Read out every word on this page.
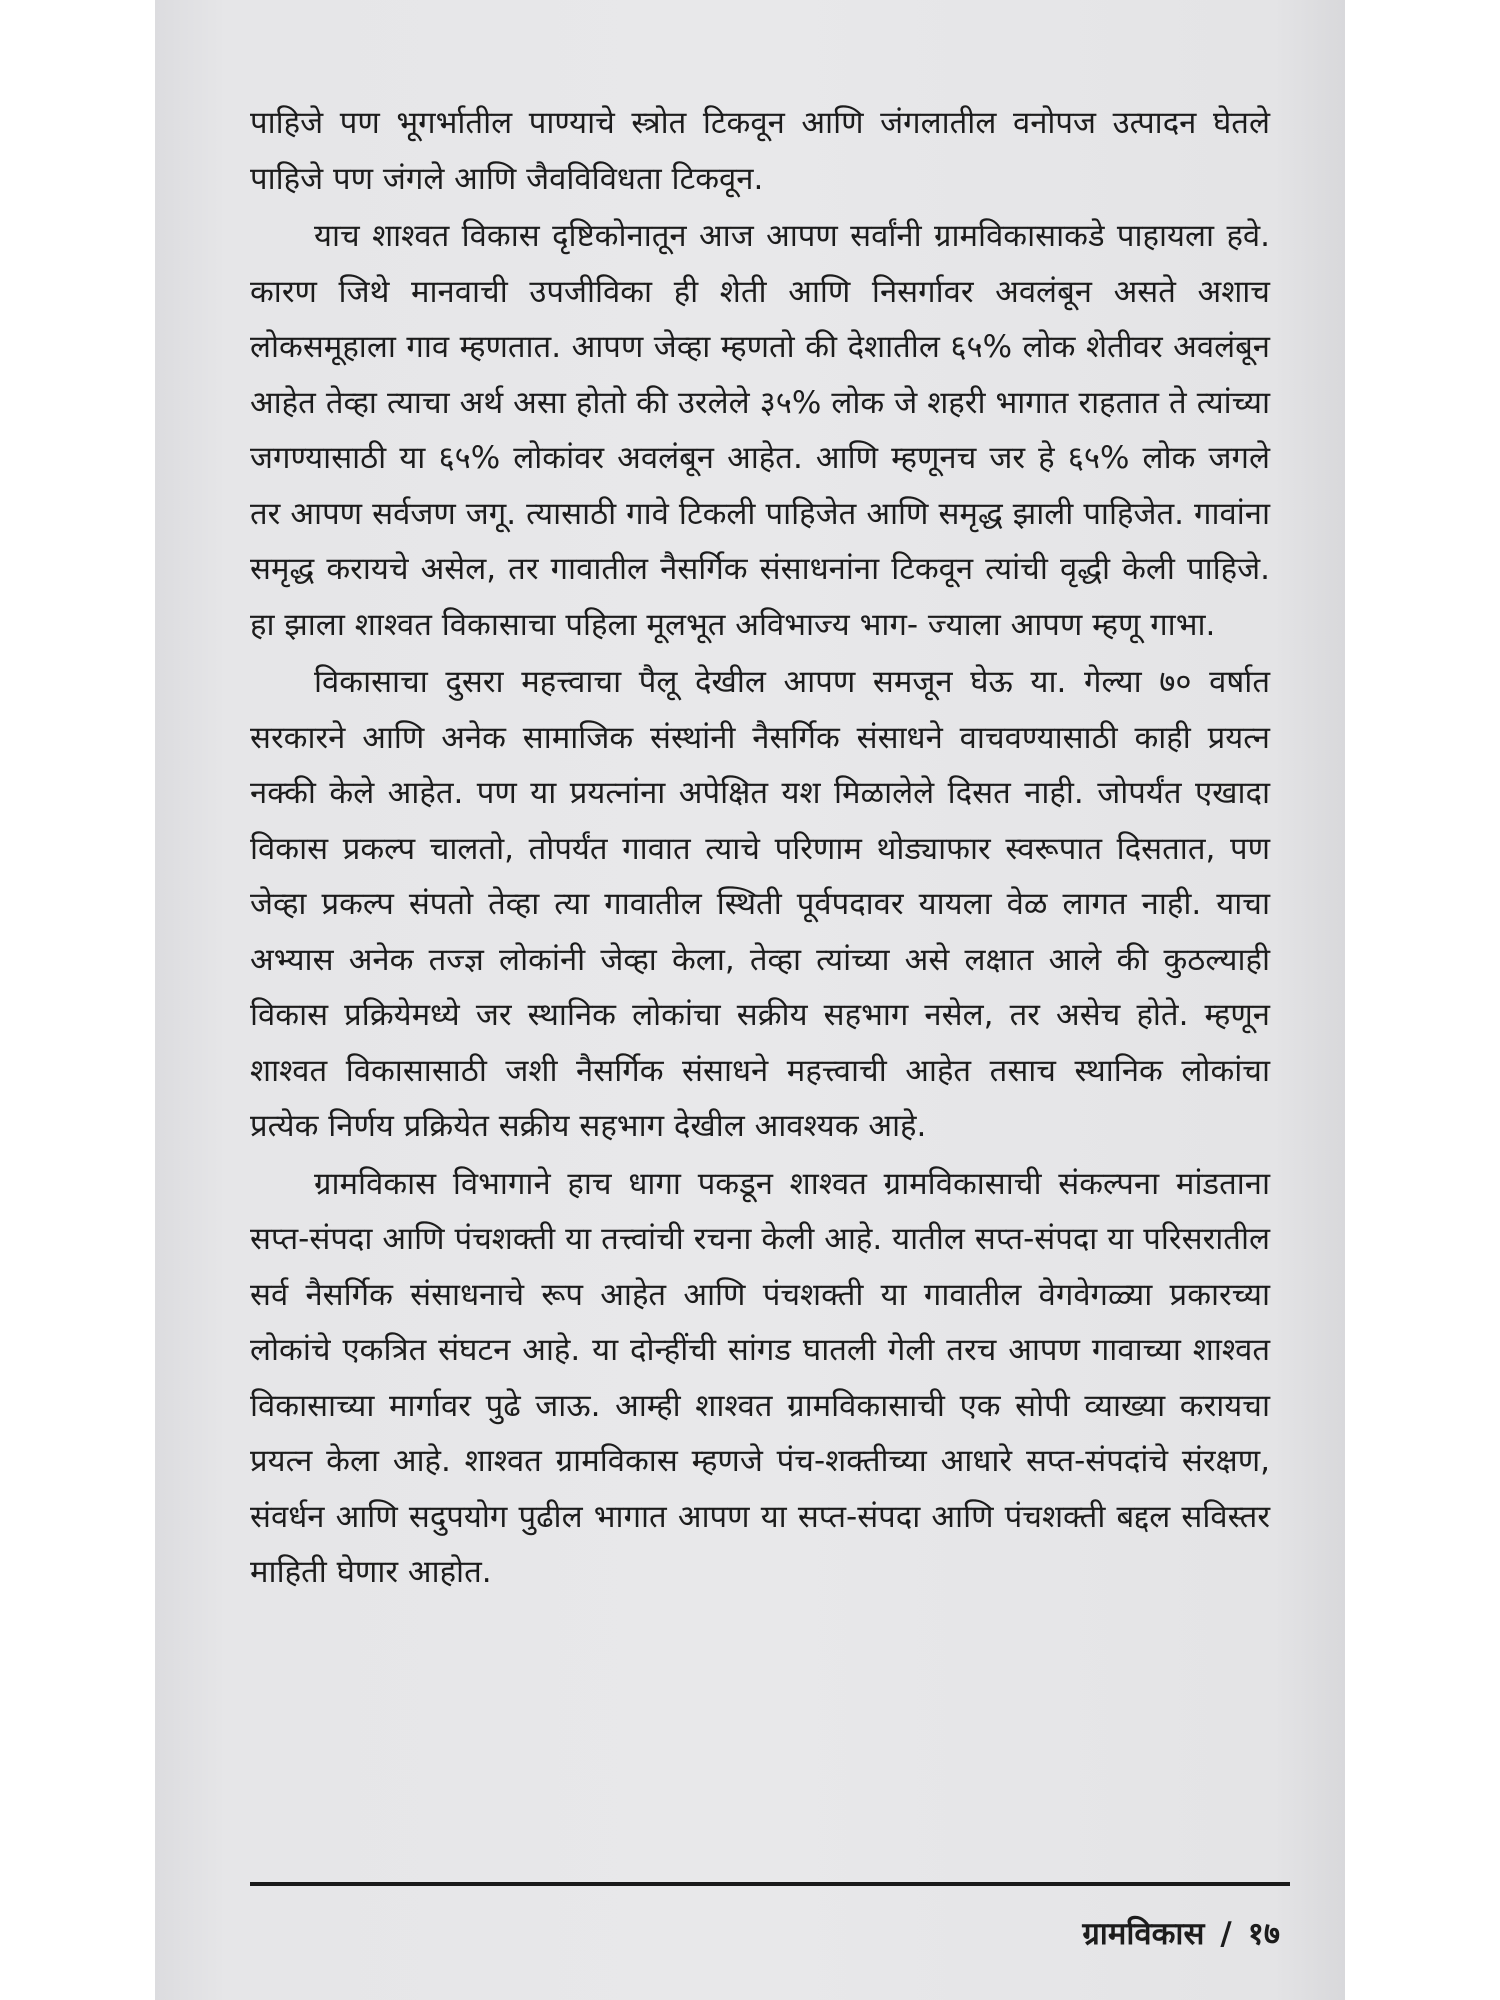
पाहिजे पण भूगर्भातील पाण्याचे स्त्रोत टिकवून आणि जंगलातील वनोपज उत्पादन घेतले पाहिजे पण जंगले आणि जैवविविधता टिकवून.

याच शाश्वत विकास दृष्टिकोनातून आज आपण सर्वांनी ग्रामविकासाकडे पाहायला हवे. कारण जिथे मानवाची उपजीविका ही शेती आणि निसर्गावर अवलंबून असते अशाच लोकसमूहाला गाव म्हणतात. आपण जेव्हा म्हणतो की देशातील ६५% लोक शेतीवर अवलंबून आहेत तेव्हा त्याचा अर्थ असा होतो की उरलेले ३५% लोक जे शहरी भागात राहतात ते त्यांच्या जगण्यासाठी या ६५% लोकांवर अवलंबून आहेत. आणि म्हणूनच जर हे ६५% लोक जगले तर आपण सर्वजण जगू. त्यासाठी गावे टिकली पाहिजेत आणि समृद्ध झाली पाहिजेत. गावांना समृद्ध करायचे असेल, तर गावातील नैसर्गिक संसाधनांना टिकवून त्यांची वृद्धी केली पाहिजे. हा झाला शाश्वत विकासाचा पहिला मूलभूत अविभाज्य भाग- ज्याला आपण म्हणू गाभा.

विकासाचा दुसरा महत्त्वाचा पैलू देखील आपण समजून घेऊ या. गेल्या ७० वर्षात सरकारने आणि अनेक सामाजिक संस्थांनी नैसर्गिक संसाधने वाचवण्यासाठी काही प्रयत्न नक्की केले आहेत. पण या प्रयत्नांना अपेक्षित यश मिळालेले दिसत नाही. जोपर्यंत एखादा विकास प्रकल्प चालतो, तोपर्यंत गावात त्याचे परिणाम थोड्याफार स्वरूपात दिसतात, पण जेव्हा प्रकल्प संपतो तेव्हा त्या गावातील स्थिती पूर्वपदावर यायला वेळ लागत नाही. याचा अभ्यास अनेक तज्ज्ञ लोकांनी जेव्हा केला, तेव्हा त्यांच्या असे लक्षात आले की कुठल्याही विकास प्रक्रियेमध्ये जर स्थानिक लोकांचा सक्रीय सहभाग नसेल, तर असेच होते. म्हणून शाश्वत विकासासाठी जशी नैसर्गिक संसाधने महत्त्वाची आहेत तसाच स्थानिक लोकांचा प्रत्येक निर्णय प्रक्रियेत सक्रीय सहभाग देखील आवश्यक आहे.

ग्रामविकास विभागाने हाच धागा पकडून शाश्वत ग्रामविकासाची संकल्पना मांडताना सप्त-संपदा आणि पंचशक्ती या तत्त्वांची रचना केली आहे. यातील सप्त-संपदा या परिसरातील सर्व नैसर्गिक संसाधनाचे रूप आहेत आणि पंचशक्ती या गावातील वेगवेगळ्या प्रकारच्या लोकांचे एकत्रित संघटन आहे. या दोन्हींची सांगड घातली गेली तरच आपण गावाच्या शाश्वत विकासाच्या मार्गावर पुढे जाऊ. आम्ही शाश्वत ग्रामविकासाची एक सोपी व्याख्या करायचा प्रयत्न केला आहे. शाश्वत ग्रामविकास म्हणजे पंच-शक्तीच्या आधारे सप्त-संपदांचे संरक्षण, संवर्धन आणि सदुपयोग पुढील भागात आपण या सप्त-संपदा आणि पंचशक्ती बद्दल सविस्तर माहिती घेणार आहोत.

ग्रामविकास / १७
